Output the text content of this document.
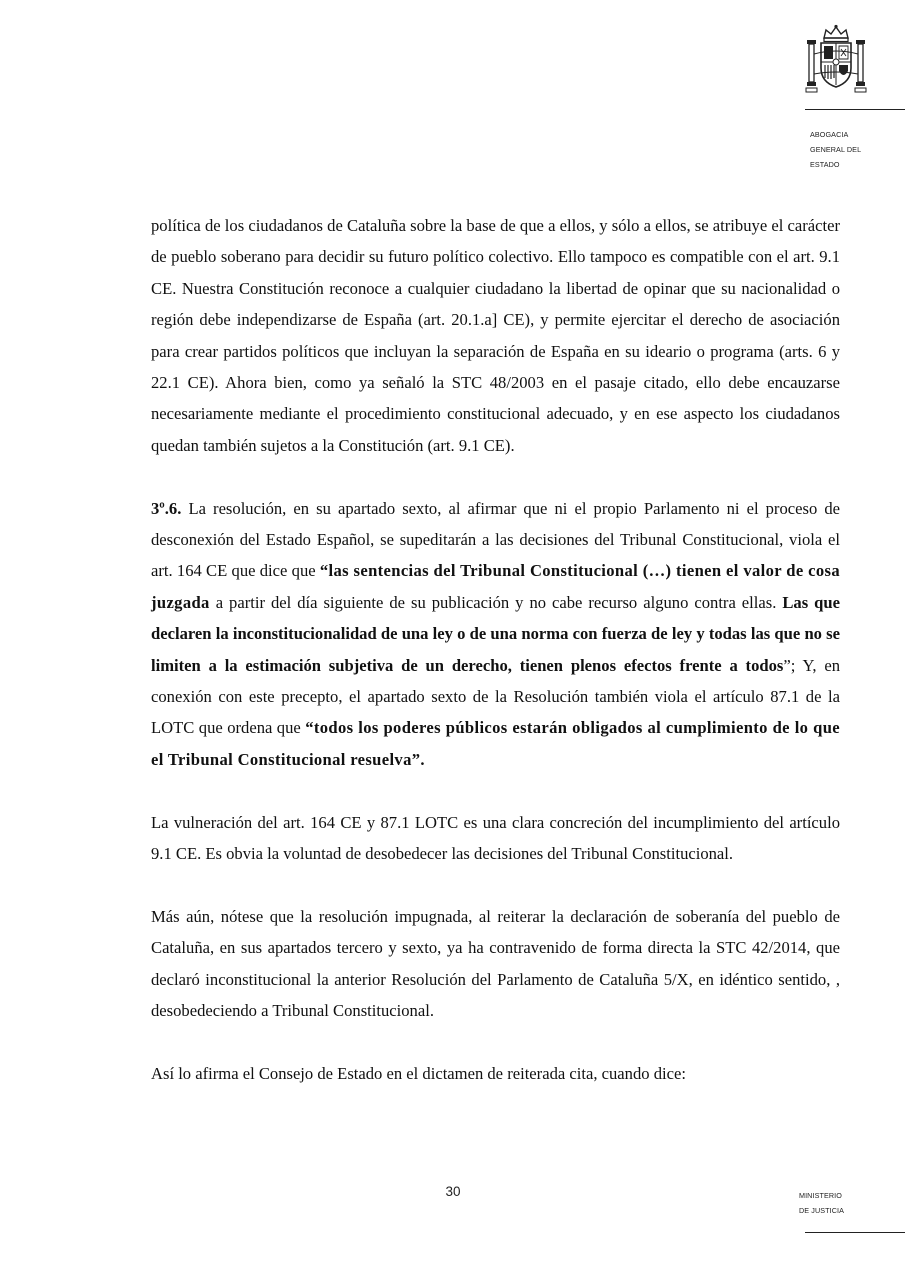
ABOGACIA
GENERAL DEL
ESTADO

política de los ciudadanos de Cataluña sobre la base de que a ellos, y sólo a ellos, se atribuye el carácter de pueblo soberano para decidir su futuro político colectivo. Ello tampoco es compatible con el art. 9.1 CE. Nuestra Constitución reconoce a cualquier ciudadano la libertad de opinar que su nacionalidad o región debe independizarse de España (art. 20.1.a] CE), y permite ejercitar el derecho de asociación para crear partidos políticos que incluyan la separación de España en su ideario o programa (arts. 6 y 22.1 CE). Ahora bien, como ya señaló la STC 48/2003 en el pasaje citado, ello debe encauzarse necesariamente mediante el procedimiento constitucional adecuado, y en ese aspecto los ciudadanos quedan también sujetos a la Constitución (art. 9.1 CE).

3º.6. La resolución, en su apartado sexto, al afirmar que ni el propio Parlamento ni el proceso de desconexión del Estado Español, se supeditarán a las decisiones del Tribunal Constitucional, viola el art. 164 CE que dice que “las sentencias del Tribunal Constitucional (…) tienen el valor de cosa juzgada a partir del día siguiente de su publicación y no cabe recurso alguno contra ellas. Las que declaren la inconstitucionalidad de una ley o de una norma con fuerza de ley y todas las que no se limiten a la estimación subjetiva de un derecho, tienen plenos efectos frente a todos”; Y, en conexión con este precepto, el apartado sexto de la Resolución también viola el artículo 87.1 de la LOTC que ordena que “todos los poderes públicos estarán obligados al cumplimiento de lo que el Tribunal Constitucional resuelva”.

La vulneración del art. 164 CE y 87.1 LOTC es una clara concreción del incumplimiento del artículo 9.1 CE. Es obvia la voluntad de desobedecer las decisiones del Tribunal Constitucional.

Más aún, nótese que la resolución impugnada, al reiterar la declaración de soberanía del pueblo de Cataluña, en sus apartados tercero y sexto, ya ha contravenido de forma directa la STC 42/2014, que declaró inconstitucional la anterior Resolución del Parlamento de Cataluña 5/X, en idéntico sentido, , desobedeciendo a Tribunal Constitucional.

Así lo afirma el Consejo de Estado en el dictamen de reiterada cita, cuando dice:

30	MINISTERIO
DE JUSTICIA
